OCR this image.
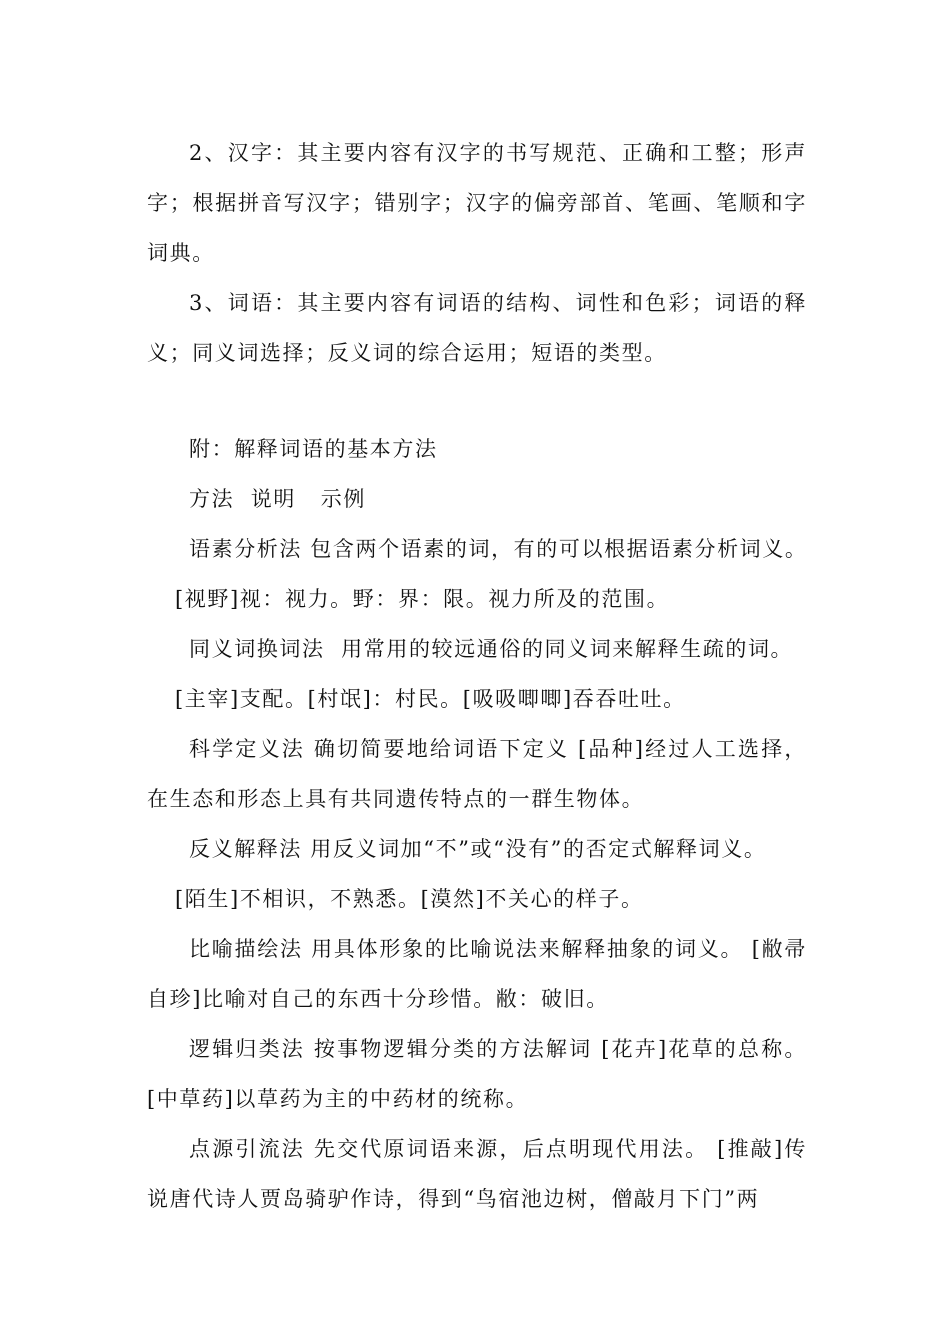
2、汉字：其主要内容有汉字的书写规范、正确和工整；形声字；根据拼音写汉字；错别字；汉字的偏旁部首、笔画、笔顺和字词典。

3、词语：其主要内容有词语的结构、词性和色彩；词语的释义；同义词选择；反义词的综合运用；短语的类型。

附：解释词语的基本方法

方法  说明   示例

语素分析法 包含两个语素的词，有的可以根据语素分析词义。

[视野]视：视力。野：界：限。视力所及的范围。

同义词换词法  用常用的较远通俗的同义词来解释生疏的词。

[主宰]支配。[村氓]：村民。[吸吸唧唧]吞吞吐吐。

科学定义法 确切简要地给词语下定义 [品种]经过人工选择，在生态和形态上具有共同遗传特点的一群生物体。

反义解释法 用反义词加“不”或“没有”的否定式解释词义。

[陌生]不相识，不熟悉。[漠然]不关心的样子。

比喻描绘法 用具体形象的比喻说法来解释抽象的词义。 [敝帚自珍]比喻对自己的东西十分珍惜。敝：破旧。

逻辑归类法 按事物逻辑分类的方法解词 [花卉]花草的总称。[中草药]以草药为主的中药材的统称。

点源引流法 先交代原词语来源，后点明现代用法。 [推敲]传说唐代诗人贾岛骑驴作诗，得到“鸟宿池边树，僧敲月下门”两
